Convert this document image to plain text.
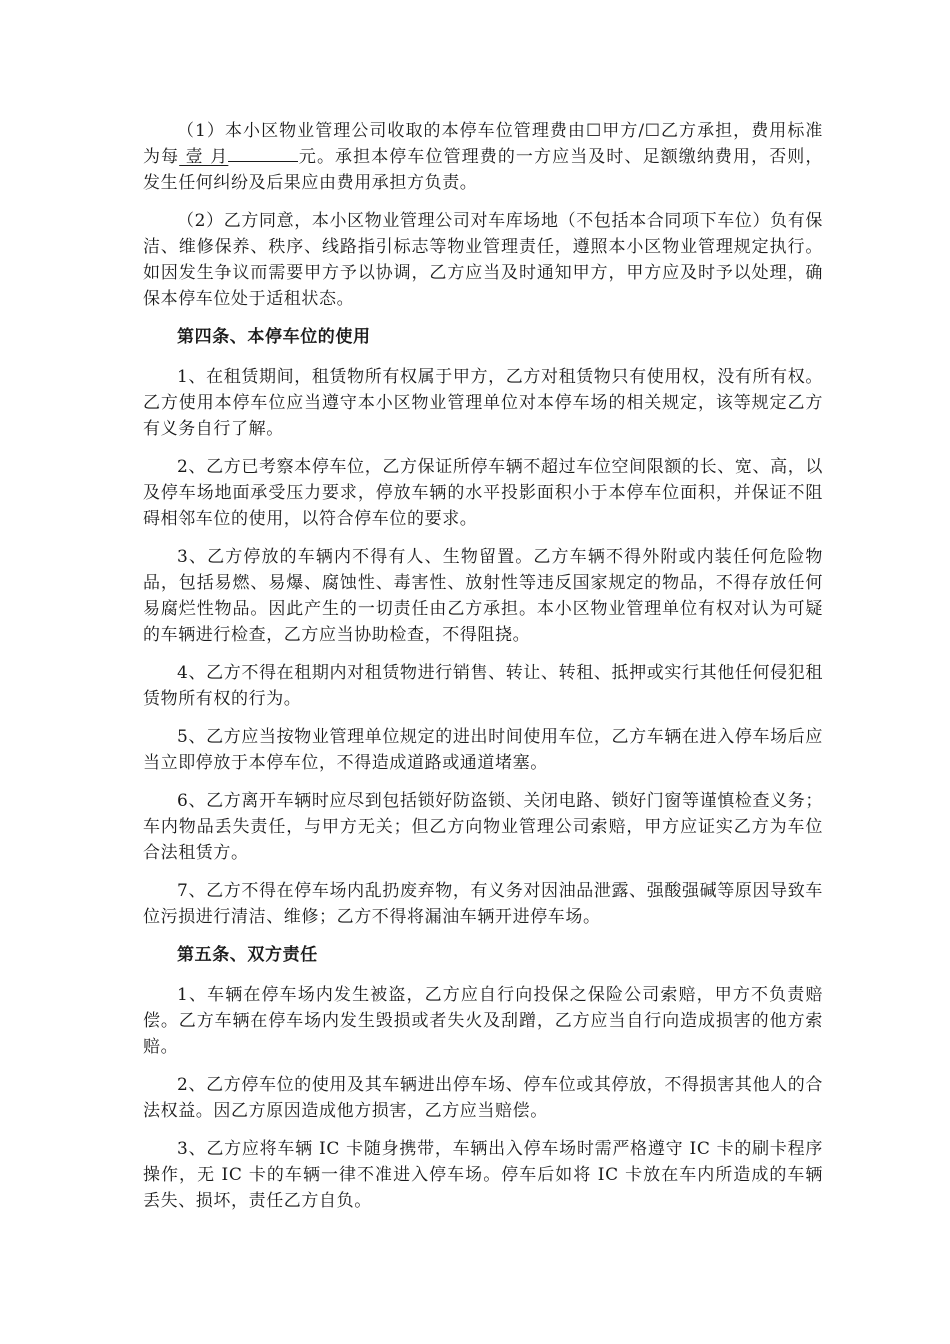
（1）本小区物业管理公司收取的本停车位管理费由☐甲方/☐乙方承担，费用标准为每 壹 月	元。承担本停车位管理费的一方应当及时、足额缴纳费用，否则，发生任何纠纷及后果应由费用承担方负责。

（2）乙方同意，本小区物业管理公司对车库场地（不包括本合同项下车位）负有保洁、维修保养、秩序、线路指引标志等物业管理责任，遵照本小区物业管理规定执行。如因发生争议而需要甲方予以协调，乙方应当及时通知甲方，甲方应及时予以处理，确保本停车位处于适租状态。

第四条、本停车位的使用

1、在租赁期间，租赁物所有权属于甲方，乙方对租赁物只有使用权，没有所有权。乙方使用本停车位应当遵守本小区物业管理单位对本停车场的相关规定，该等规定乙方有义务自行了解。

2、乙方已考察本停车位，乙方保证所停车辆不超过车位空间限额的长、宽、高，以及停车场地面承受压力要求，停放车辆的水平投影面积小于本停车位面积，并保证不阻碍相邻车位的使用，以符合停车位的要求。

3、乙方停放的车辆内不得有人、生物留置。乙方车辆不得外附或内装任何危险物品，包括易燃、易爆、腐蚀性、毒害性、放射性等违反国家规定的物品，不得存放任何易腐烂性物品。因此产生的一切责任由乙方承担。本小区物业管理单位有权对认为可疑的车辆进行检查，乙方应当协助检查，不得阻挠。

4、乙方不得在租期内对租赁物进行销售、转让、转租、抵押或实行其他任何侵犯租赁物所有权的行为。

5、乙方应当按物业管理单位规定的进出时间使用车位，乙方车辆在进入停车场后应当立即停放于本停车位，不得造成道路或通道堵塞。

6、乙方离开车辆时应尽到包括锁好防盗锁、关闭电路、锁好门窗等谨慎检查义务；车内物品丢失责任，与甲方无关；但乙方向物业管理公司索赔，甲方应证实乙方为车位合法租赁方。

7、乙方不得在停车场内乱扔废弃物，有义务对因油品泄露、强酸强碱等原因导致车位污损进行清洁、维修；乙方不得将漏油车辆开进停车场。

第五条、双方责任

1、车辆在停车场内发生被盗，乙方应自行向投保之保险公司索赔，甲方不负责赔偿。乙方车辆在停车场内发生毁损或者失火及刮蹭，乙方应当自行向造成损害的他方索赔。

2、乙方停车位的使用及其车辆进出停车场、停车位或其停放，不得损害其他人的合法权益。因乙方原因造成他方损害，乙方应当赔偿。

3、乙方应将车辆 IC 卡随身携带，车辆出入停车场时需严格遵守 IC 卡的刷卡程序操作，无 IC 卡的车辆一律不准进入停车场。停车后如将 IC 卡放在车内所造成的车辆丢失、损坏，责任乙方自负。
